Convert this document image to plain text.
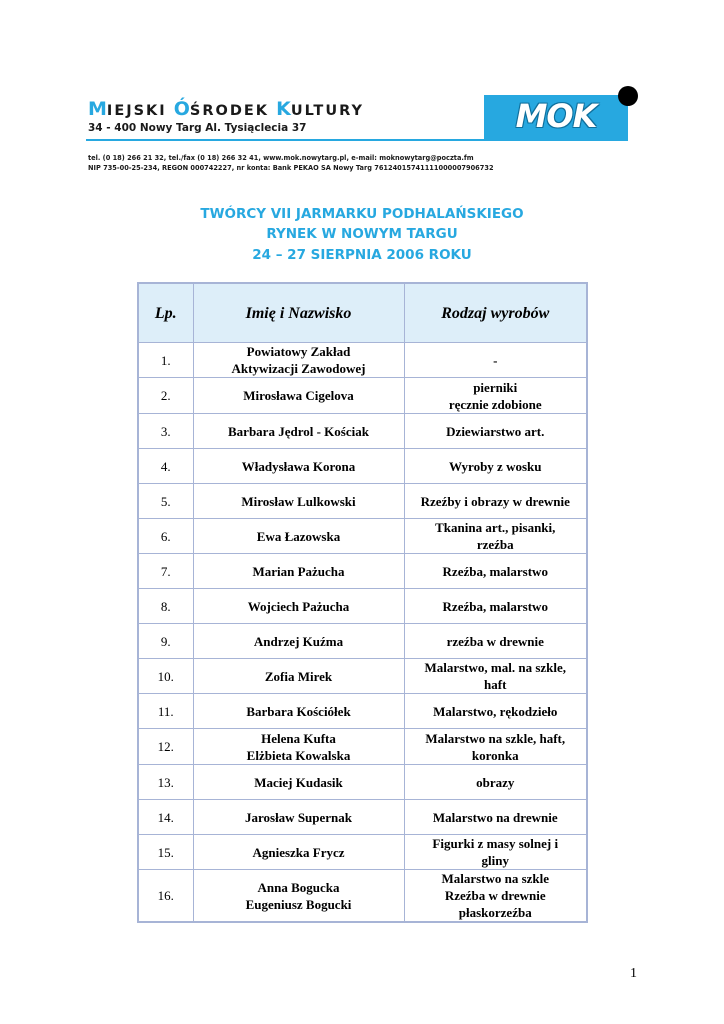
MIEJSKI ÓŚRODEK KULTURY
34 - 400 Nowy Targ Al. Tysiąclecia 37	MOK
tel. (0 18) 266 21 32, tel./fax (0 18) 266 32 41, www.mok.nowytarg.pl, e-mail: moknowytarg@poczta.fm
NIP 735-00-25-234, REGON 000742227, nr konta: Bank PEKAO SA Nowy Targ 76124015741111000007906732
TWÓRCY VII JARMARKU PODHALAŃSKIEGO
RYNEK W NOWYM TARGU
24 – 27 SIERPNIA 2006 ROKU
Lp.	Imię i Nazwisko	Rodzaj wyrobów
1.	Powiatowy Zakład
Aktywizacji Zawodowej	-
2.	Mirosława Cigelova	pierniki
ręcznie zdobione
3.	Barbara Jędrol - Kościak	Dziewiarstwo art.
4.	Władysława Korona	Wyroby z wosku
5.	Mirosław Lulkowski	Rzeźby i obrazy w drewnie
6.	Ewa Łazowska	Tkanina art., pisanki,
rzeźba
7.	Marian Pażucha	Rzeźba, malarstwo
8.	Wojciech Pażucha	Rzeźba, malarstwo
9.	Andrzej Kuźma	rzeźba w drewnie
10.	Zofia Mirek	Malarstwo, mal. na szkle,
haft
11.	Barbara Kościółek	Malarstwo, rękodzieło
12.	Helena Kufta
Elżbieta Kowalska	Malarstwo na szkle, haft,
koronka
13.	Maciej Kudasik	obrazy
14.	Jarosław Supernak	Malarstwo na drewnie
15.	Agnieszka Frycz	Figurki z masy solnej i
gliny
16.	Anna Bogucka
Eugeniusz Bogucki	Malarstwo na szkle
Rzeźba w drewnie
płaskorzeźba
1
